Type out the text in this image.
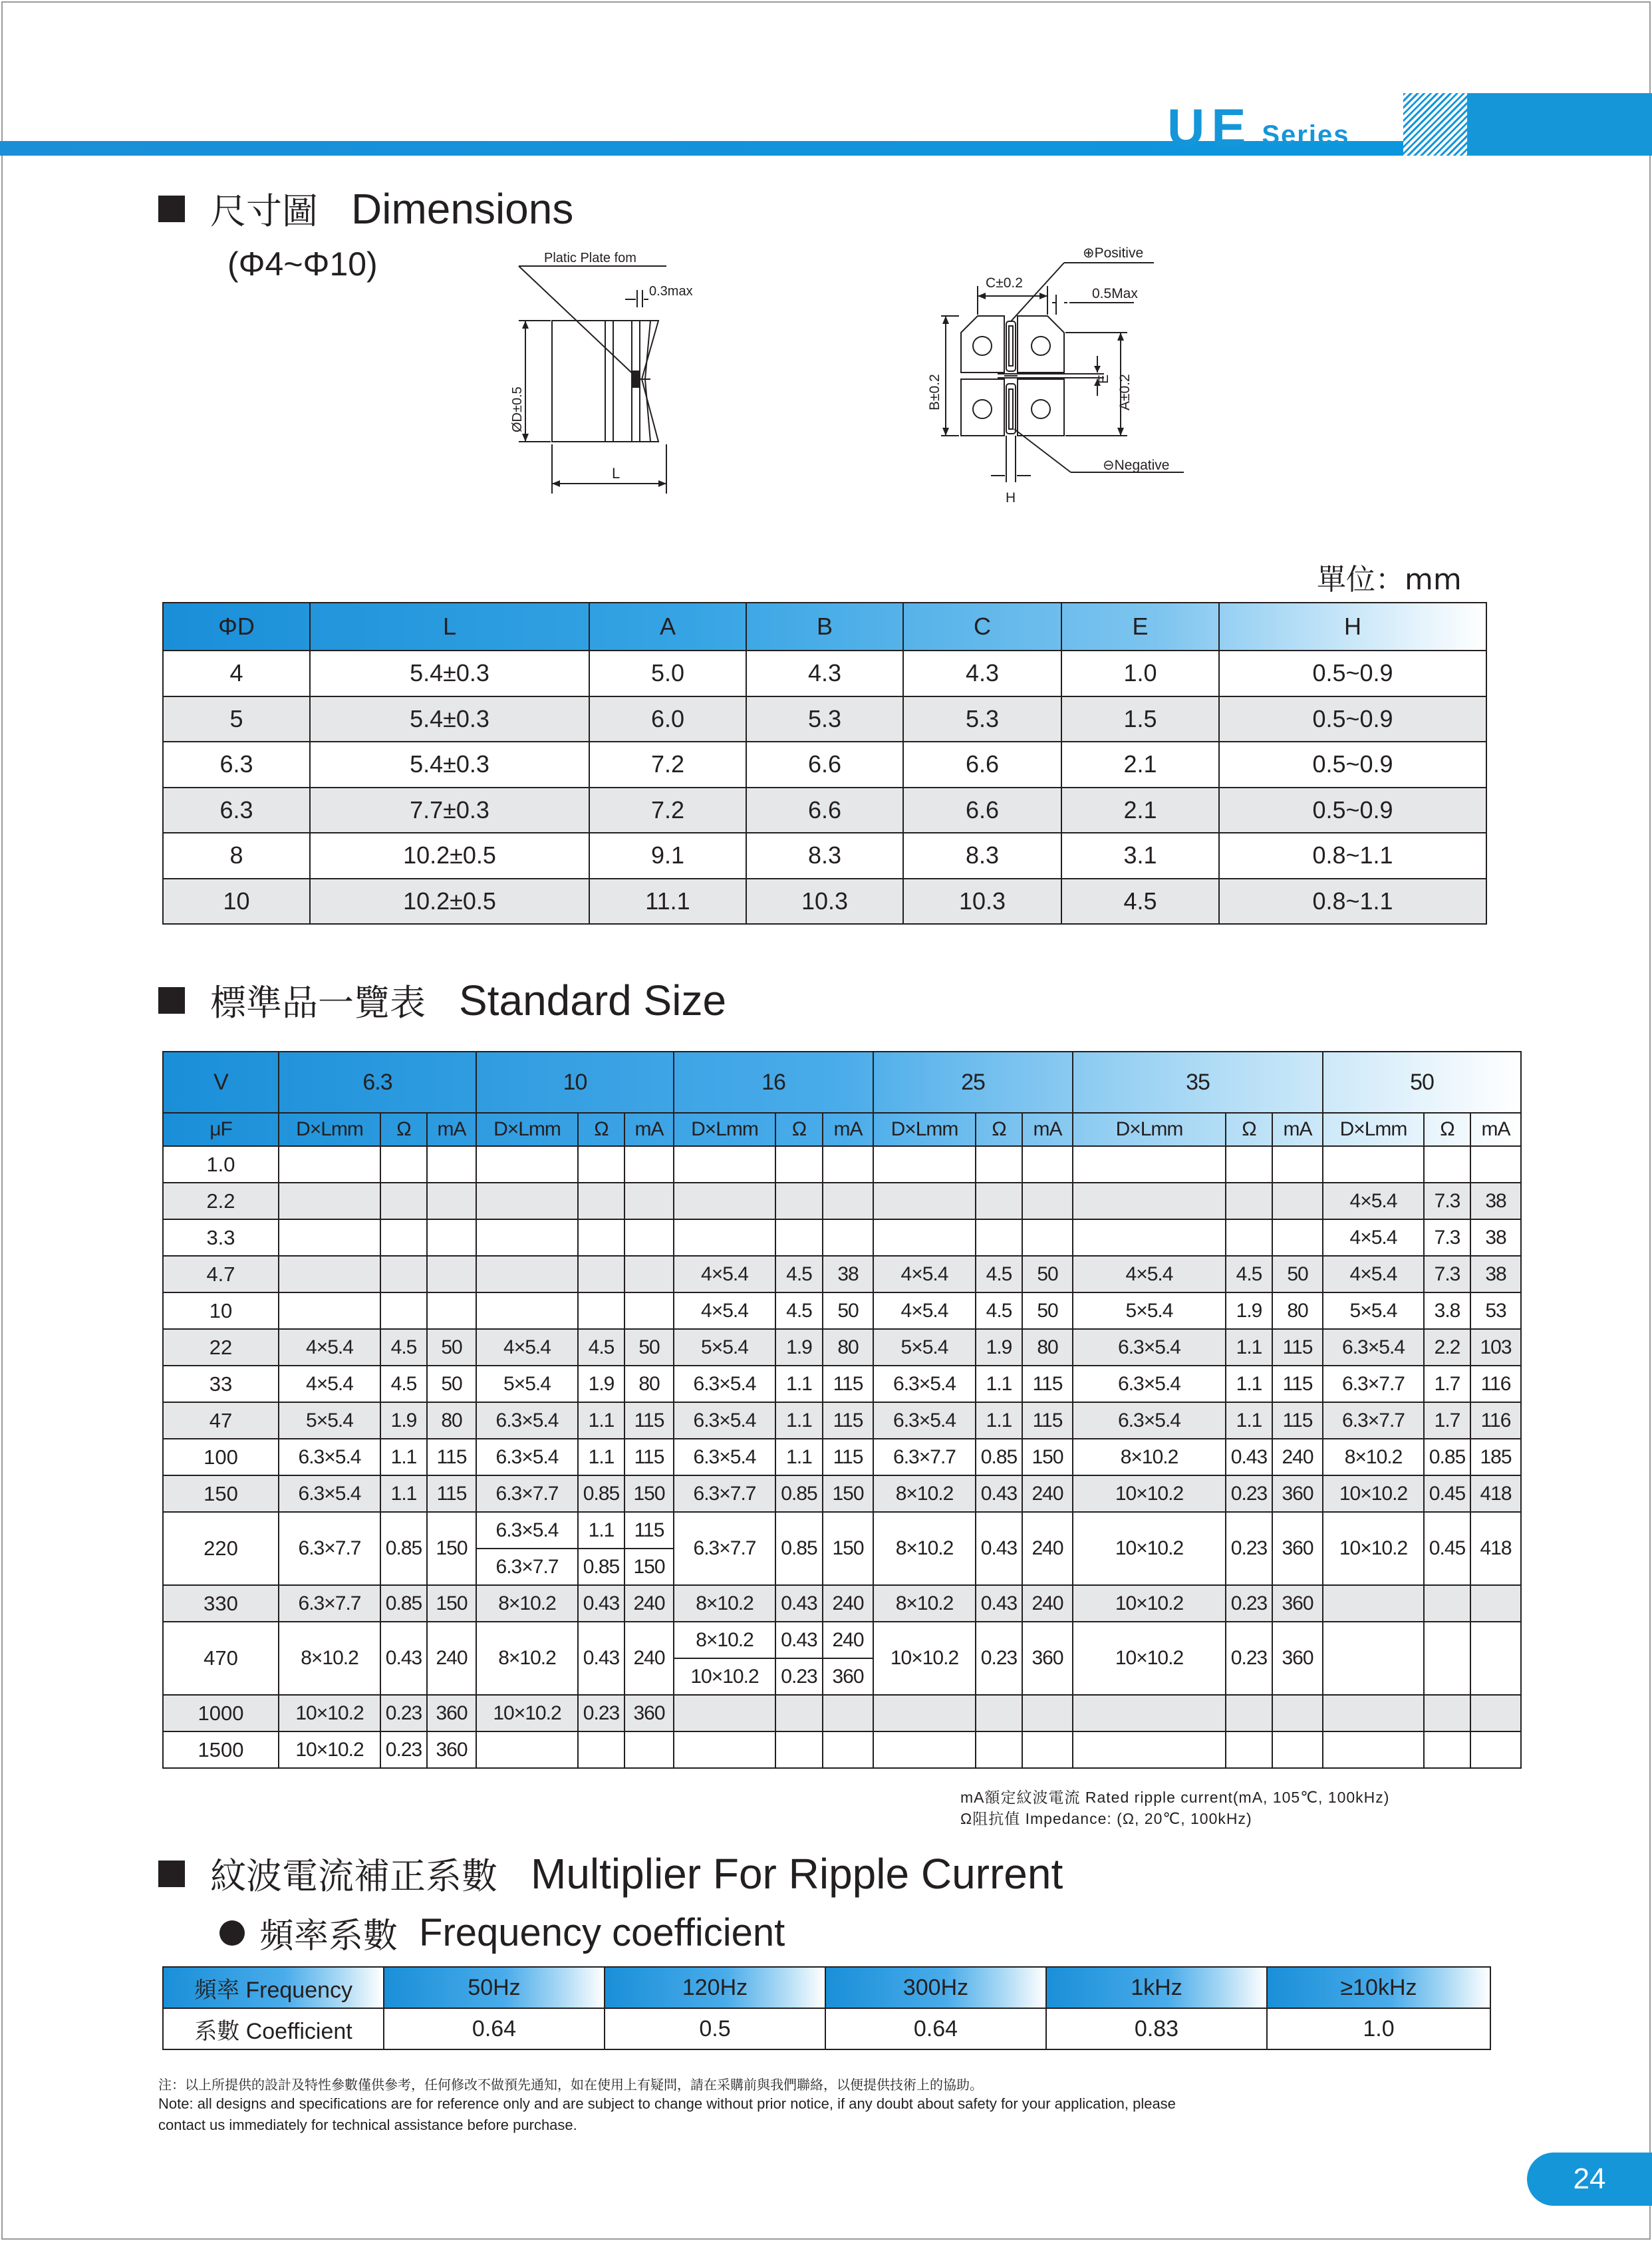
UE Series
尺寸圖 Dimensions
(Φ4~Φ10)	Platic Plate fom
0.3max
ØD±0.5
L
⊕Positive
C±0.2
0.5Max
B±0.2	E A±0.2
⊖Negative
H
單位：mm
ΦD	L	A	B	C	E	H
4	5.4±0.3	5.0	4.3	4.3	1.0	0.5~0.9
5	5.4±0.3	6.0	5.3	5.3	1.5	0.5~0.9
6.3	5.4±0.3	7.2	6.6	6.6	2.1	0.5~0.9
6.3	7.7±0.3	7.2	6.6	6.6	2.1	0.5~0.9
8	10.2±0.5	9.1	8.3	8.3	3.1	0.8~1.1
10	10.2±0.5	11.1	10.3	10.3	4.5	0.8~1.1
標準品一覽表 Standard Size
V	6.3			10			16			25			35			50		
μF	D×Lmm	Ω	mA	D×Lmm	Ω	mA	D×Lmm	Ω	mA	D×Lmm	Ω	mA	D×Lmm	Ω	mA	D×Lmm	Ω	mA
1.0																		
2.2																4×5.4	7.3	38
3.3																4×5.4	7.3	38
4.7							4×5.4	4.5	38	4×5.4	4.5	50	4×5.4	4.5	50	4×5.4	7.3	38
10							4×5.4	4.5	50	4×5.4	4.5	50	5×5.4	1.9	80	5×5.4	3.8	53
22	4×5.4	4.5	50	4×5.4	4.5	50	5×5.4	1.9	80	5×5.4	1.9	80	6.3×5.4	1.1	115	6.3×5.4	2.2	103
33	4×5.4	4.5	50	5×5.4	1.9	80	6.3×5.4	1.1	115	6.3×5.4	1.1	115	6.3×5.4	1.1	115	6.3×7.7	1.7	116
47	5×5.4	1.9	80	6.3×5.4	1.1	115	6.3×5.4	1.1	115	6.3×5.4	1.1	115	6.3×5.4	1.1	115	6.3×7.7	1.7	116
100	6.3×5.4	1.1	115	6.3×5.4	1.1	115	6.3×5.4	1.1	115	6.3×7.7	0.85	150	8×10.2	0.43	240	8×10.2	0.85	185
150	6.3×5.4	1.1	115	6.3×7.7	0.85	150	6.3×7.7	0.85	150	8×10.2	0.43	240	10×10.2	0.23	360	10×10.2	0.45	418
220	6.3×7.7	0.85	150	6.3×5.4	1.1	115	6.3×7.7	0.85	150	8×10.2	0.43	240	10×10.2	0.23	360	10×10.2	0.45	418
				6.3×7.7	0.85	150												
330	6.3×7.7	0.85	150	8×10.2	0.43	240	8×10.2	0.43	240	8×10.2	0.43	240	10×10.2	0.23	360			
470	8×10.2	0.43	240	8×10.2	0.43	240	8×10.2	0.43	240	10×10.2	0.23	360	10×10.2	0.23	360			
							10×10.2	0.23	360									
1000	10×10.2	0.23	360	10×10.2	0.23	360												
1500	10×10.2	0.23	360															
mA額定紋波電流 Rated ripple current(mA, 105℃, 100kHz)
Ω阻抗值 Impedance: (Ω, 20℃, 100kHz)
紋波電流補正系數 Multiplier For Ripple Current
頻率系數 Frequency coefficient
頻率 Frequency	50Hz	120Hz	300Hz	1kHz	≥10kHz
系數 Coefficient	0.64	0.5	0.64	0.83	1.0
注：以上所提供的設計及特性參數僅供參考，任何修改不做預先通知，如在使用上有疑問，請在采購前與我們聯絡，以便提供技術上的協助。
Note: all designs and specifications are for reference only and are subject to change without prior notice, if any doubt about safety for your application, please
contact us immediately for technical assistance before purchase.
24
